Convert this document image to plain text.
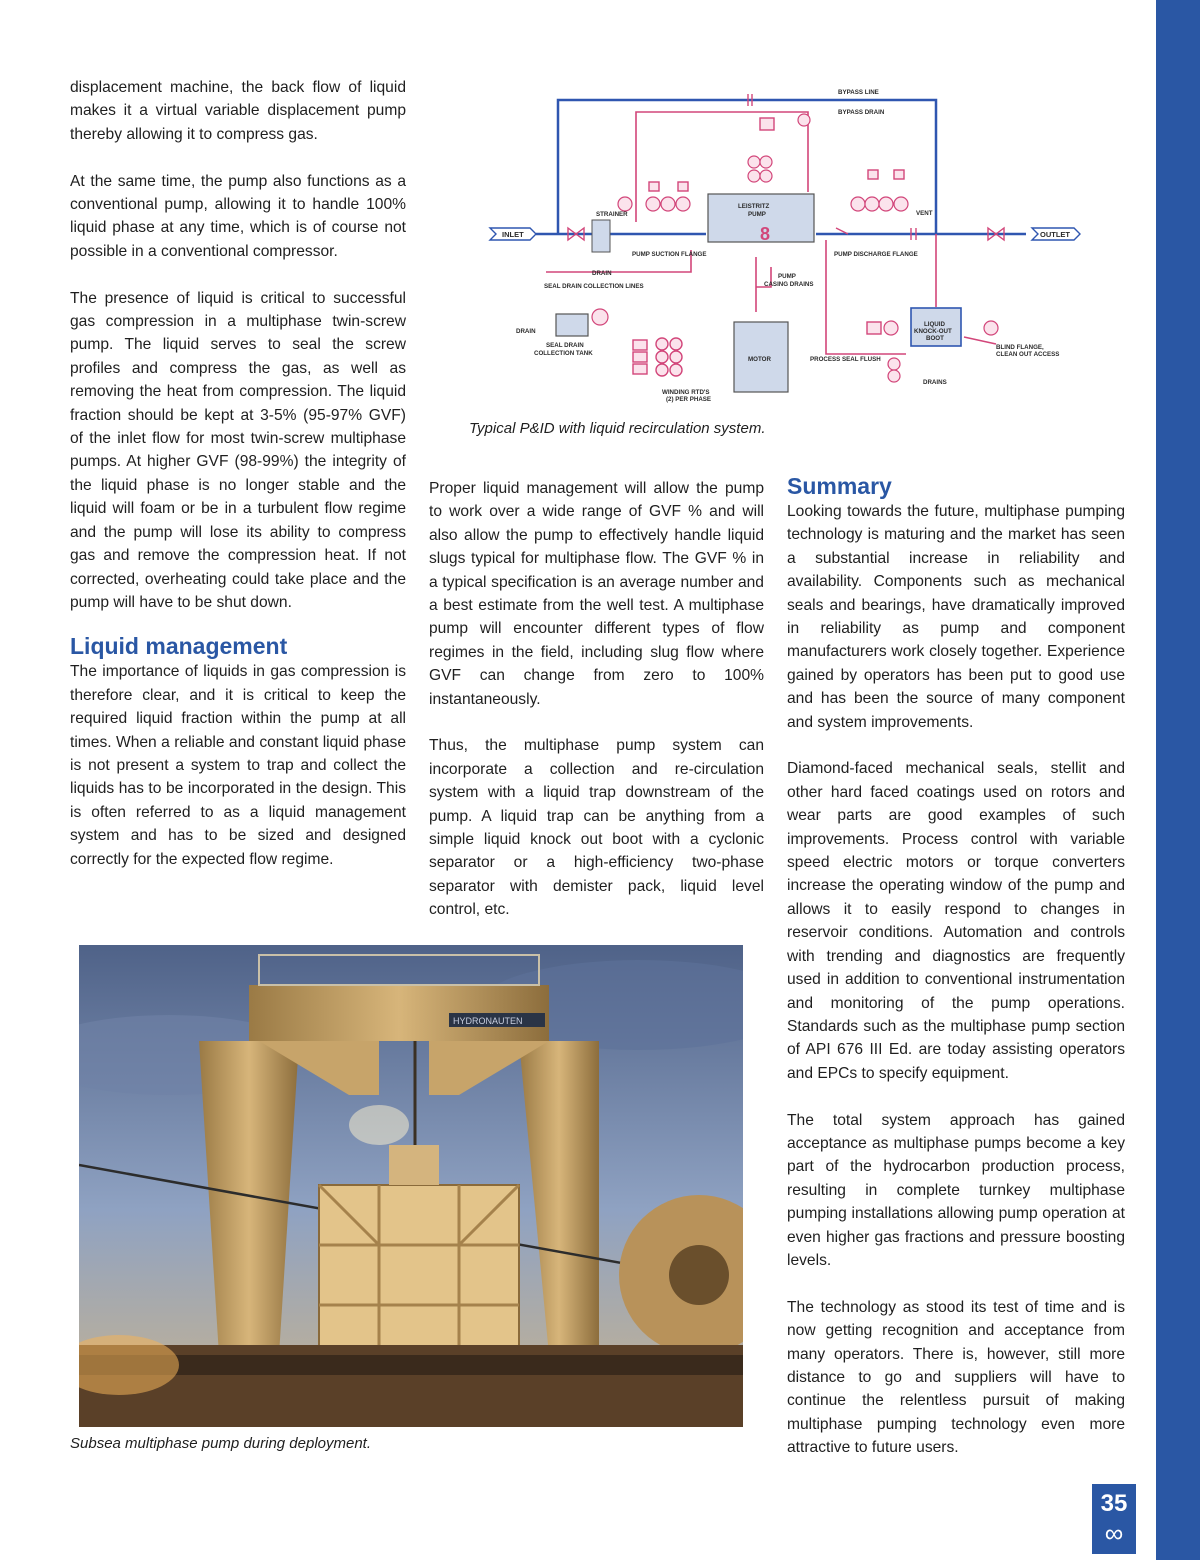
displacement machine, the back flow of liquid makes it a virtual variable displacement pump thereby allowing it to compress gas.

At the same time, the pump also functions as a conventional pump, allowing it to handle 100% liquid phase at any time, which is of course not possible in a conventional compressor.

The presence of liquid is critical to successful gas compression in a multiphase twin-screw pump. The liquid serves to seal the screw profiles and compress the gas, as well as removing the heat from compression. The liquid fraction should be kept at 3-5% (95-97% GVF) of the inlet flow for most twin-screw multiphase pumps. At higher GVF (98-99%) the integrity of the liquid phase is no longer stable and the liquid will foam or be in a turbulent flow regime and the pump will lose its ability to compress gas and remove the compression heat. If not corrected, overheating could take place and the pump will have to be shut down.

Liquid management

The importance of liquids in gas compression is therefore clear, and it is critical to keep the required liquid fraction within the pump at all times. When a reliable and constant liquid phase is not present a system to trap and collect the liquids has to be incorporated in the design. This is often referred to as a liquid management system and has to be sized and designed correctly for the expected flow regime.

8
BYPASS LINE
BYPASS DRAIN
STRAINER
LEISTRITZ
PUMP	VENT
DRAIN
PUMP SUCTION FLANGE	PUMP DISCHARGE FLANGE
SEAL DRAIN COLLECTION LINES
PUMP
CASING DRAINS
DRAIN
SEAL DRAIN
COLLECTION TANK
MOTOR
WINDING RTD'S
(2) PER PHASE
PROCESS SEAL FLUSH
LIQUID
KNOCK-OUT
BOOT
BLIND FLANGE,
CLEAN OUT ACCESS
DRAINS
INLET	OUTLET
Typical P&ID with liquid recirculation system.

Proper liquid management will allow the pump to work over a wide range of GVF % and will also allow the pump to effectively handle liquid slugs typical for multiphase flow. The GVF % in a typical specification is an average number and a best estimate from the well test. A multiphase pump will encounter different types of flow regimes in the field, including slug flow where GVF can change from zero to 100% instantaneously.

Thus, the multiphase pump system can incorporate a collection and re-circulation system with a liquid trap downstream of the pump. A liquid trap can be anything from a simple liquid knock out boot with a cyclonic separator or a high-efficiency two-phase separator with demister pack, liquid level control, etc.

Summary

Looking towards the future, multiphase pumping technology is maturing and the market has seen a substantial increase in reliability and availability. Components such as mechanical seals and bearings, have dramatically improved in reliability as pump and component manufacturers work closely together. Experience gained by operators has been put to good use and has been the source of many component and system improvements.

Diamond-faced mechanical seals, stellit and other hard faced coatings used on rotors and wear parts are good examples of such improvements. Process control with variable speed electric motors or torque converters increase the operating window of the pump and allows it to easily respond to changes in reservoir conditions. Automation and controls with trending and diagnostics are frequently used in addition to conventional instrumentation and monitoring of the pump operations. Standards such as the multiphase pump section of API 676 III Ed. are today assisting operators and EPCs to specify equipment.

The total system approach has gained acceptance as multiphase pumps become a key part of the hydrocarbon production process, resulting in complete turnkey multiphase pumping installations allowing pump operation at even higher gas fractions and pressure boosting levels.

The technology as stood its test of time and is now getting recognition and acceptance from many operators. There is, however, still more distance to go and suppliers will have to continue the relentless pursuit of making multiphase pumping technology even more attractive to future users.

HYDRONAUTEN
Subsea multiphase pump during deployment.
35
∞
